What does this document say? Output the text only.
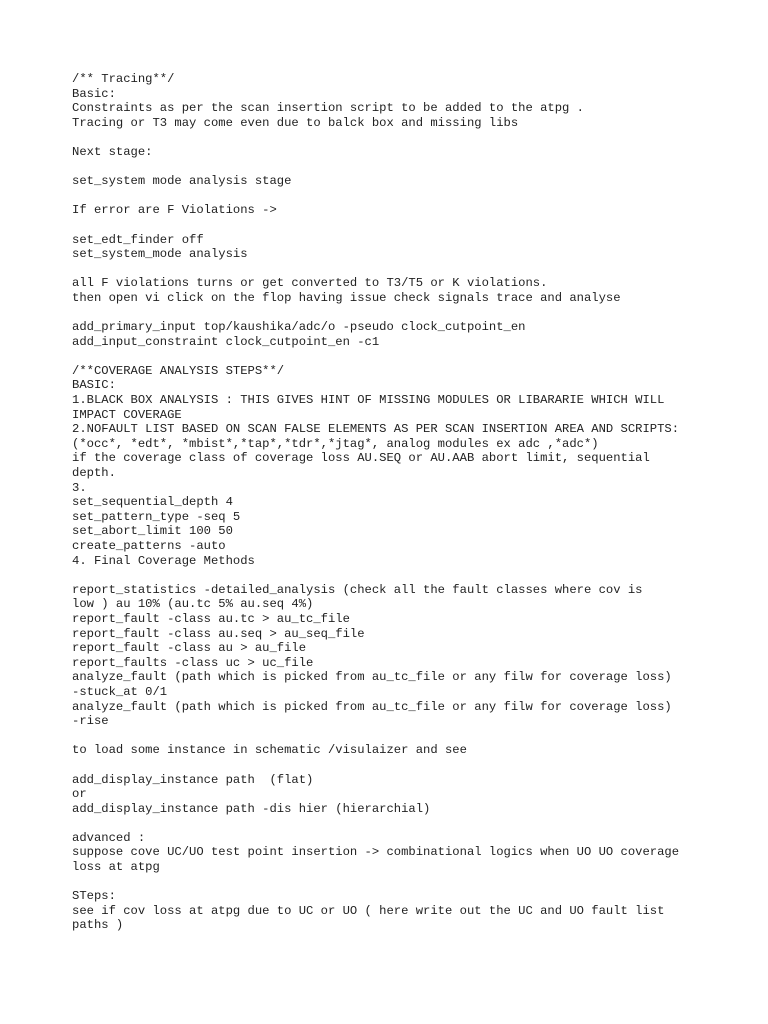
/** Tracing**/
Basic:
Constraints as per the scan insertion script to be added to the atpg .
Tracing or T3 may come even due to balck box and missing libs
Next stage:
set_system mode analysis stage
If error are F Violations ->
set_edt_finder off
set_system_mode analysis
all F violations turns or get converted to T3/T5 or K violations.
then open vi click on the flop having issue check signals trace and analyse
add_primary_input top/kaushika/adc/o -pseudo clock_cutpoint_en
add_input_constraint clock_cutpoint_en -c1
/**COVERAGE ANALYSIS STEPS**/
BASIC:
1.BLACK BOX ANALYSIS : THIS GIVES HINT OF MISSING MODULES OR LIBARARIE WHICH WILL
IMPACT COVERAGE
2.NOFAULT LIST BASED ON SCAN FALSE ELEMENTS AS PER SCAN INSERTION AREA AND SCRIPTS:
(*occ*, *edt*, *mbist*,*tap*,*tdr*,*jtag*, analog modules ex adc ,*adc*)
if the coverage class of coverage loss AU.SEQ or AU.AAB abort limit, sequential
depth.
3.
set_sequential_depth 4
set_pattern_type -seq 5
set_abort_limit 100 50
create_patterns -auto
4. Final Coverage Methods
report_statistics -detailed_analysis (check all the fault classes where cov is
low ) au 10% (au.tc 5% au.seq 4%)
report_fault -class au.tc > au_tc_file
report_fault -class au.seq > au_seq_file
report_fault -class au > au_file
report_faults -class uc > uc_file
analyze_fault (path which is picked from au_tc_file or any filw for coverage loss)
-stuck_at 0/1
analyze_fault (path which is picked from au_tc_file or any filw for coverage loss)
-rise
to load some instance in schematic /visulaizer and see
add_display_instance path  (flat)
or
add_display_instance path -dis hier (hierarchial)
advanced :
suppose cove UC/UO test point insertion -> combinational logics when UO UO coverage
loss at atpg
STeps:
see if cov loss at atpg due to UC or UO ( here write out the UC and UO fault list
paths )
